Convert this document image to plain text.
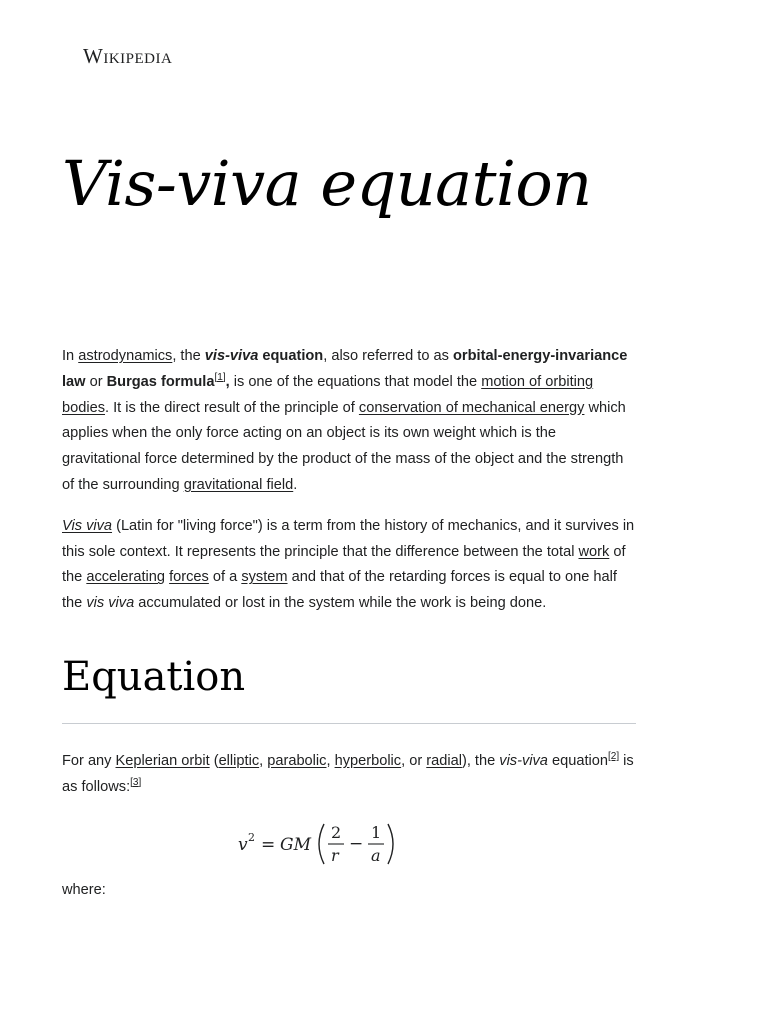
Wikipedia
Vis-viva equation

In astrodynamics, the vis-viva equation, also referred to as orbital-energy-invariance law or Burgas formula[1], is one of the equations that model the motion of orbiting bodies. It is the direct result of the principle of conservation of mechanical energy which applies when the only force acting on an object is its own weight which is the gravitational force determined by the product of the mass of the object and the strength of the surrounding gravitational field.

Vis viva (Latin for "living force") is a term from the history of mechanics, and it survives in this sole context. It represents the principle that the difference between the total work of the accelerating forces of a system and that of the retarding forces is equal to one half the vis viva accumulated or lost in the system while the work is being done.

Equation

For any Keplerian orbit (elliptic, parabolic, hyperbolic, or radial), the vis-viva equation[2] is as follows:[3]

v 2 = GM
2
r
−
1
a

where:
